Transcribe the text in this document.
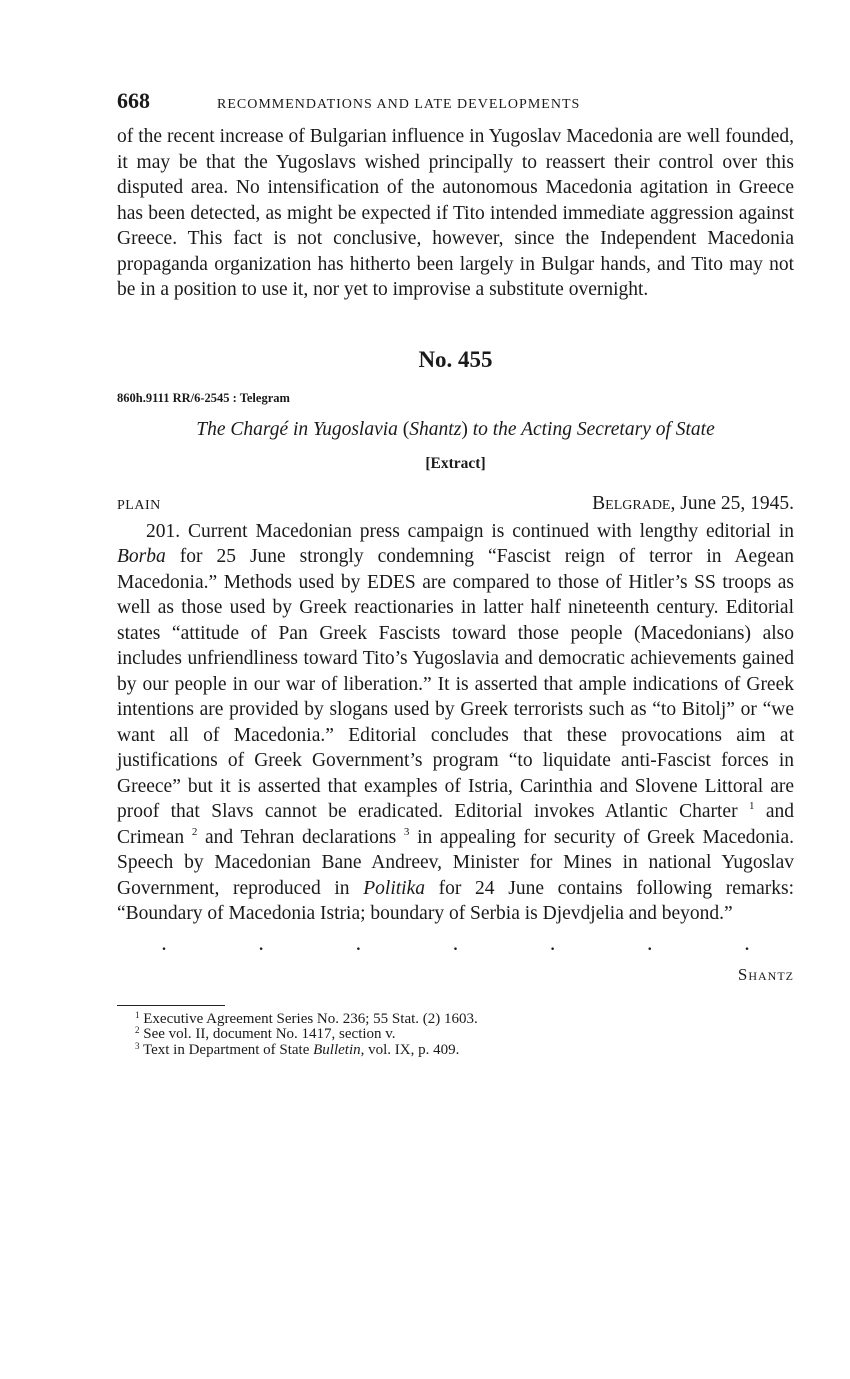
668	RECOMMENDATIONS AND LATE DEVELOPMENTS

of the recent increase of Bulgarian influence in Yugoslav Macedonia are well founded, it may be that the Yugoslavs wished principally to reassert their control over this disputed area. No intensification of the autonomous Macedonia agitation in Greece has been detected, as might be expected if Tito intended immediate aggression against Greece. This fact is not conclusive, however, since the Independent Macedonia propaganda organization has hitherto been largely in Bulgar hands, and Tito may not be in a position to use it, nor yet to improvise a substitute overnight.

No. 455
860h.9111 RR/6-2545 : Telegram
The Chargé in Yugoslavia (Shantz) to the Acting Secretary of State
[Extract]
PLAIN	Belgrade, June 25, 1945.

201. Current Macedonian press campaign is continued with lengthy editorial in Borba for 25 June strongly condemning “Fascist reign of terror in Aegean Macedonia.” Methods used by EDES are compared to those of Hitler’s SS troops as well as those used by Greek reactionaries in latter half nineteenth century. Editorial states “attitude of Pan Greek Fascists toward those people (Macedonians) also includes unfriendliness toward Tito’s Yugoslavia and democratic achievements gained by our people in our war of liberation.” It is asserted that ample indications of Greek intentions are provided by slogans used by Greek terrorists such as “to Bitolj” or “we want all of Macedonia.” Editorial concludes that these provocations aim at justifications of Greek Government’s program “to liquidate anti-Fascist forces in Greece” but it is asserted that examples of Istria, Carinthia and Slovene Littoral are proof that Slavs cannot be eradicated. Editorial invokes Atlantic Charter $^1$ and Crimean $^2$ and Tehran declarations $^3$ in appealing for security of Greek Macedonia. Speech by Macedonian Bane Andreev, Minister for Mines in national Yugoslav Government, reproduced in Politika for 24 June contains following remarks: “Boundary of Macedonia Istria; boundary of Serbia is Djevdjelia and beyond.”

.	.	.	.	.	.	.
Shantz
$^1$ Executive Agreement Series No. 236; 55 Stat. (2) 1603.
$^2$ See vol. II, document No. 1417, section v.
$^3$ Text in Department of State Bulletin, vol. IX, p. 409.
